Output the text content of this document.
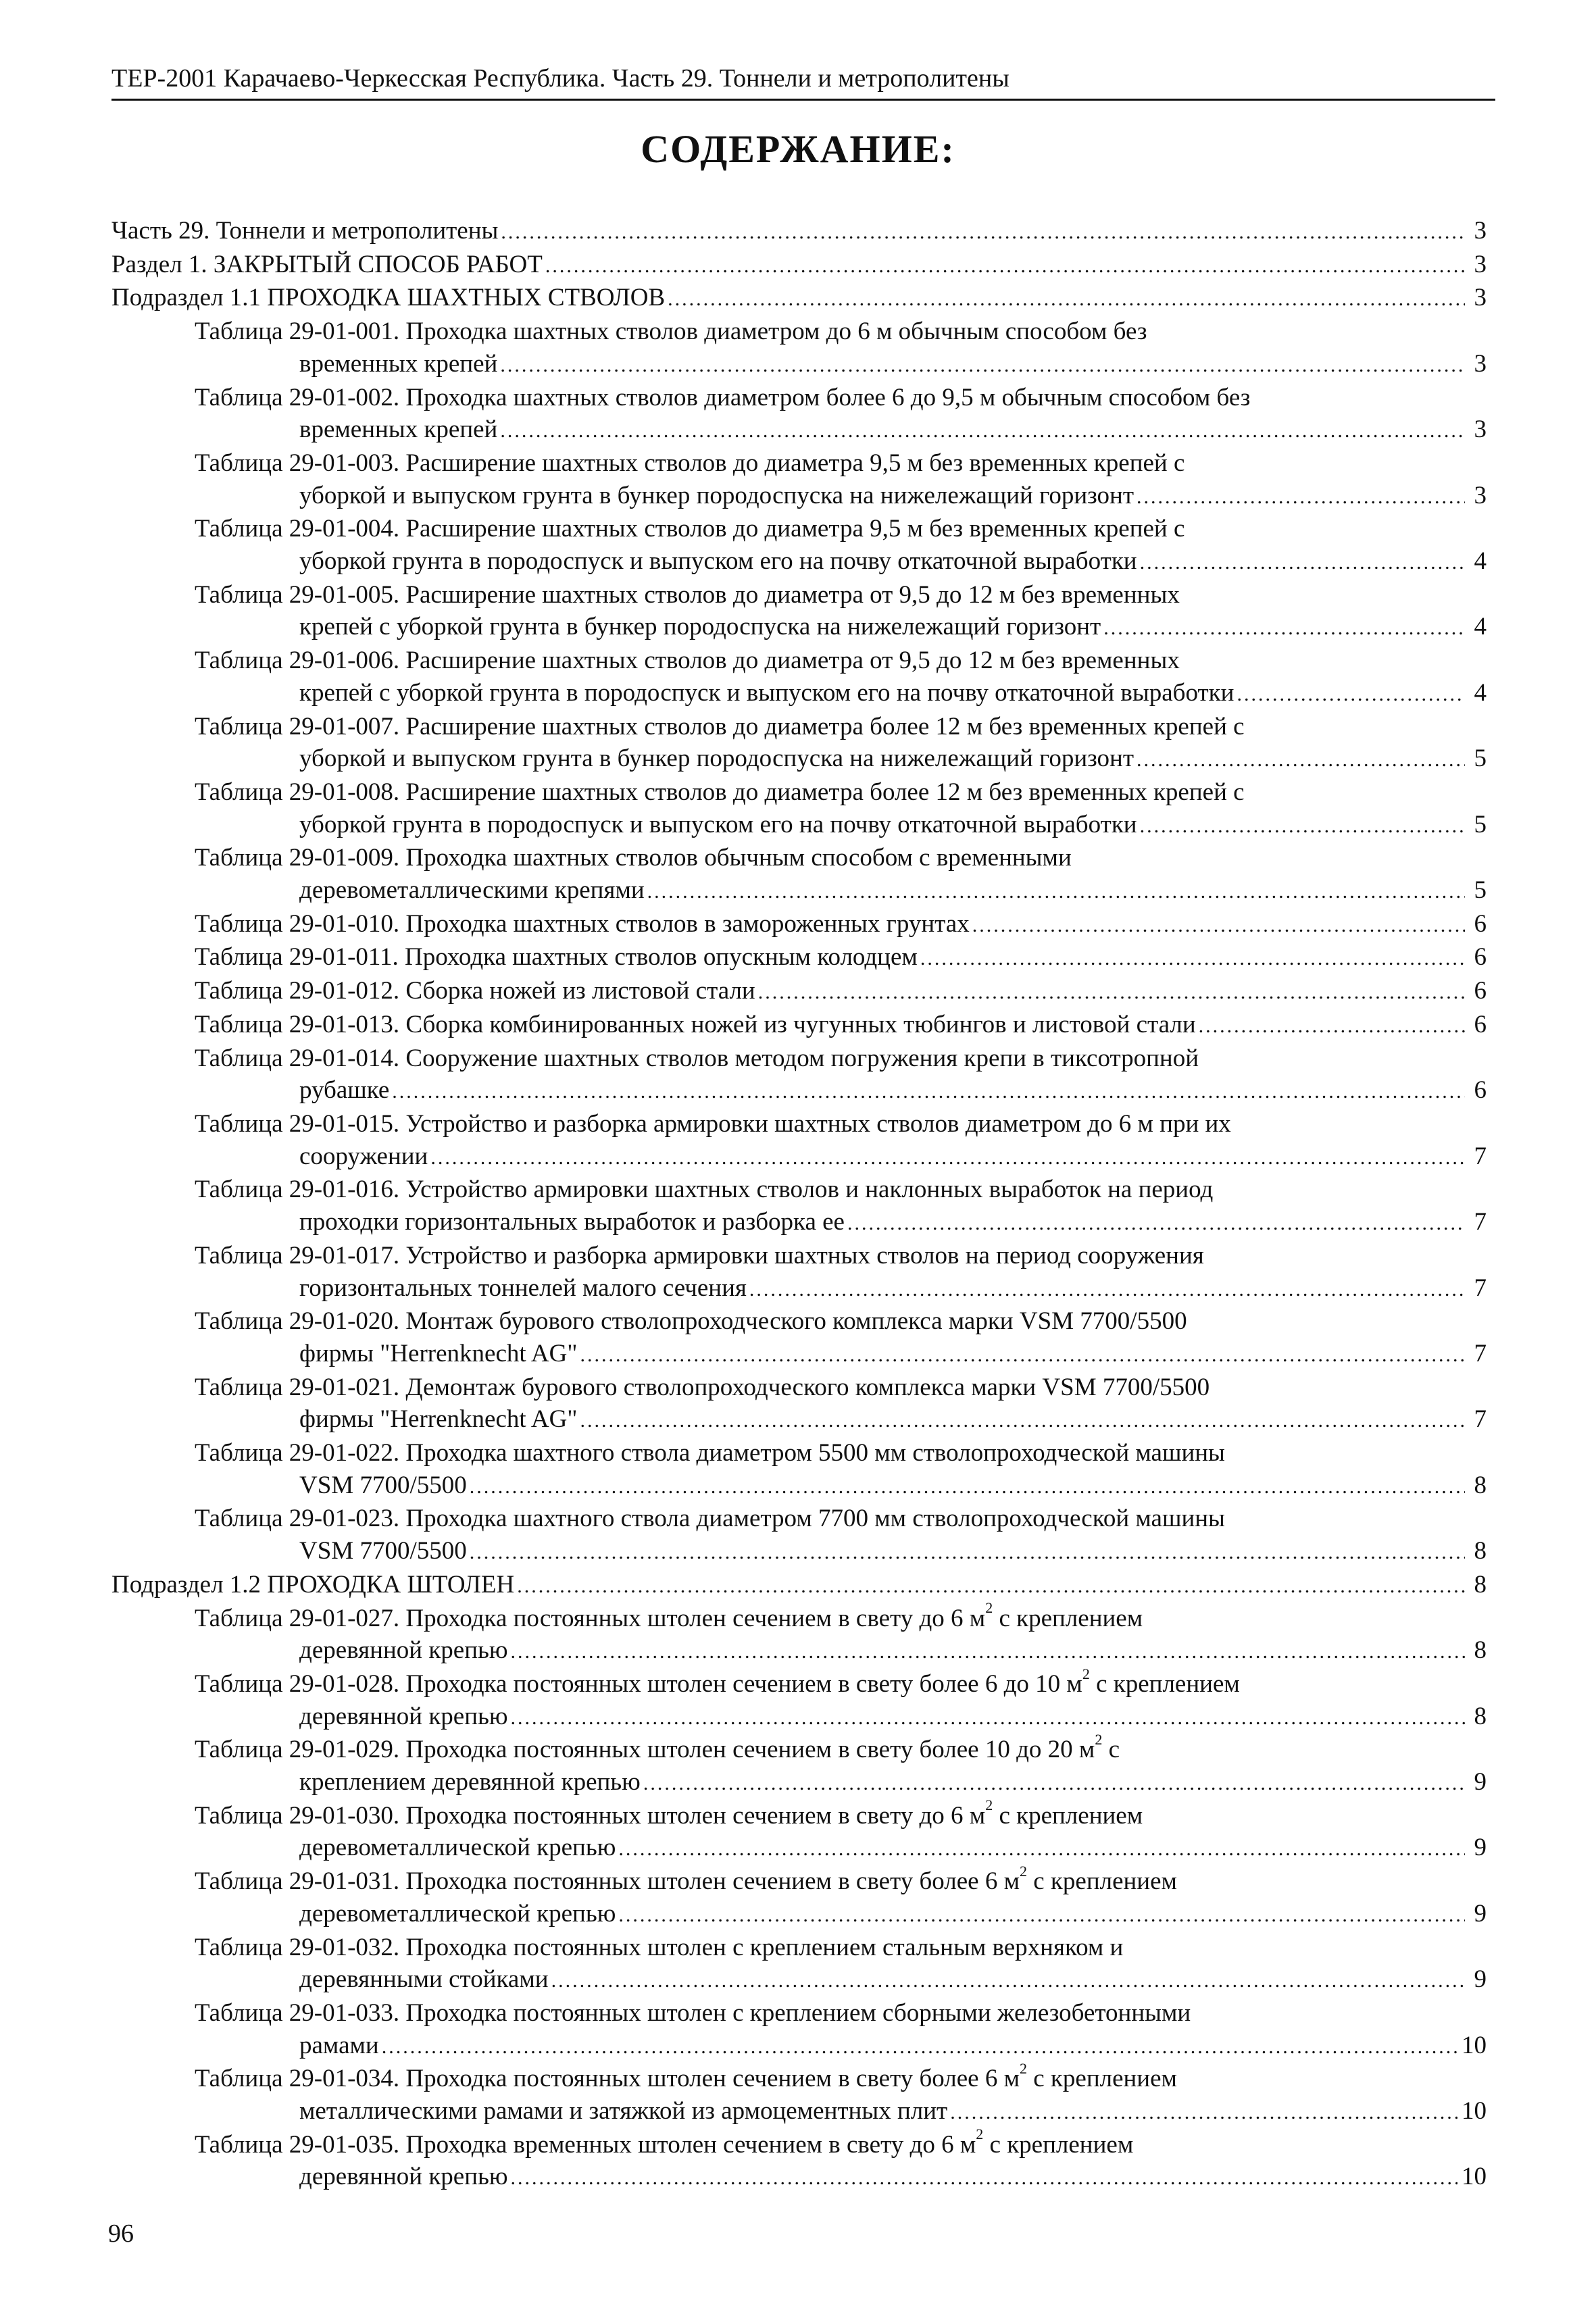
ТЕР-2001 Карачаево-Черкесская Республика. Часть 29. Тоннели и метрополитены
СОДЕРЖАНИЕ:
Часть 29. Тоннели и метрополитены .....	3
Раздел 1. ЗАКРЫТЫЙ СПОСОБ РАБОТ .....	3
Подраздел 1.1 ПРОХОДКА ШАХТНЫХ СТВОЛОВ .....	3
Таблица 29-01-001. Проходка шахтных стволов диаметром до 6 м обычным способом без
временных крепей .....	3
Таблица 29-01-002. Проходка шахтных стволов диаметром более 6 до 9,5 м обычным способом без
временных крепей .....	3
Таблица 29-01-003. Расширение шахтных стволов до диаметра 9,5 м без временных крепей с
уборкой и выпуском грунта в бункер породоспуска на нижележащий горизонт .....	3
Таблица 29-01-004. Расширение шахтных стволов до диаметра 9,5 м без временных крепей с
уборкой грунта в породоспуск и выпуском его на почву откаточной выработки .....	4
Таблица 29-01-005. Расширение шахтных стволов до диаметра от 9,5 до 12 м без временных
крепей с уборкой грунта в бункер породоспуска на нижележащий горизонт .....	4
Таблица 29-01-006. Расширение шахтных стволов до диаметра от 9,5 до 12 м без временных
крепей с уборкой грунта в породоспуск и выпуском его на почву откаточной выработки .....	4
Таблица 29-01-007. Расширение шахтных стволов до диаметра более 12 м без временных крепей с
уборкой и выпуском грунта в бункер породоспуска на нижележащий горизонт .....	5
Таблица 29-01-008. Расширение шахтных стволов до диаметра более 12 м без временных крепей с
уборкой грунта в породоспуск и выпуском его на почву откаточной выработки .....	5
Таблица 29-01-009. Проходка шахтных стволов обычным способом с временными
деревометаллическими крепями .....	5
Таблица 29-01-010. Проходка шахтных стволов в замороженных грунтах .....	6
Таблица 29-01-011. Проходка шахтных стволов опускным колодцем .....	6
Таблица 29-01-012. Сборка ножей из листовой стали .....	6
Таблица 29-01-013. Сборка комбинированных ножей из чугунных тюбингов и листовой стали .....	6
Таблица 29-01-014. Сооружение шахтных стволов методом погружения крепи в тиксотропной
рубашке .....	6
Таблица 29-01-015. Устройство и разборка армировки шахтных стволов диаметром до 6 м при их
сооружении .....	7
Таблица 29-01-016. Устройство армировки шахтных стволов и наклонных выработок на период
проходки горизонтальных выработок и разборка ее .....	7
Таблица 29-01-017. Устройство и разборка армировки шахтных стволов на период сооружения
горизонтальных тоннелей малого сечения .....	7
Таблица 29-01-020. Монтаж бурового стволопроходческого комплекса марки VSM 7700/5500
фирмы "Herrenknecht AG" .....	7
Таблица 29-01-021. Демонтаж бурового стволопроходческого комплекса марки VSM 7700/5500
фирмы "Herrenknecht AG" .....	7
Таблица 29-01-022. Проходка шахтного ствола диаметром 5500 мм стволопроходческой машины
VSM 7700/5500 .....	8
Таблица 29-01-023. Проходка шахтного ствола диаметром 7700 мм стволопроходческой машины
VSM 7700/5500 .....	8
Подраздел 1.2 ПРОХОДКА ШТОЛЕН .....	8
Таблица 29-01-027. Проходка постоянных штолен сечением в свету до 6 $м^2$ с креплением
деревянной крепью .....	8
Таблица 29-01-028. Проходка постоянных штолен сечением в свету более 6 до 10 $м^2$ с креплением
деревянной крепью .....	8
Таблица 29-01-029. Проходка постоянных штолен сечением в свету более 10 до 20 $м^2$ с
креплением деревянной крепью .....	9
Таблица 29-01-030. Проходка постоянных штолен сечением в свету до 6 $м^2$ с креплением
деревометаллической крепью .....	9
Таблица 29-01-031. Проходка постоянных штолен сечением в свету более 6 $м^2$ с креплением
деревометаллической крепью .....	9
Таблица 29-01-032. Проходка постоянных штолен с креплением стальным верхняком и
деревянными стойками .....	9
Таблица 29-01-033. Проходка постоянных штолен с креплением сборными железобетонными
рамами .....	10
Таблица 29-01-034. Проходка постоянных штолен сечением в свету более 6 $м^2$ с креплением
металлическими рамами и затяжкой из армоцементных плит .....	10
Таблица 29-01-035. Проходка временных штолен сечением в свету до 6 $м^2$ с креплением
деревянной крепью .....	10
96
